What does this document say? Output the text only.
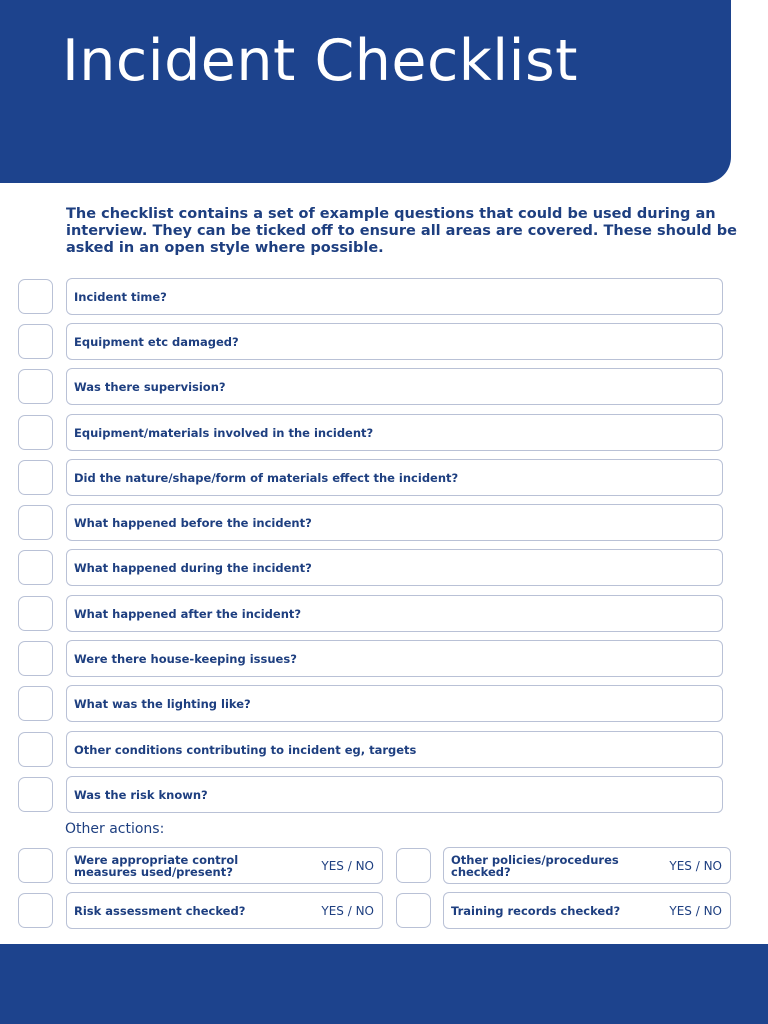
Incident Checklist

The checklist contains a set of example questions that could be used during an interview. They can be ticked off to ensure all areas are covered. These should be asked in an open style where possible.

Incident time?
Equipment etc damaged?
Was there supervision?
Equipment/materials involved in the incident?
Did the nature/shape/form of materials effect the incident?
What happened before the incident?
What happened during the incident?
What happened after the incident?
Were there house-keeping issues?
What was the lighting like?
Other conditions contributing to incident eg, targets
Was the risk known?

Other actions:

Were appropriate control measures used/present?	YES / NO	Other policies/procedures checked?	YES / NO
Risk assessment checked?	YES / NO	Training records checked?	YES / NO
